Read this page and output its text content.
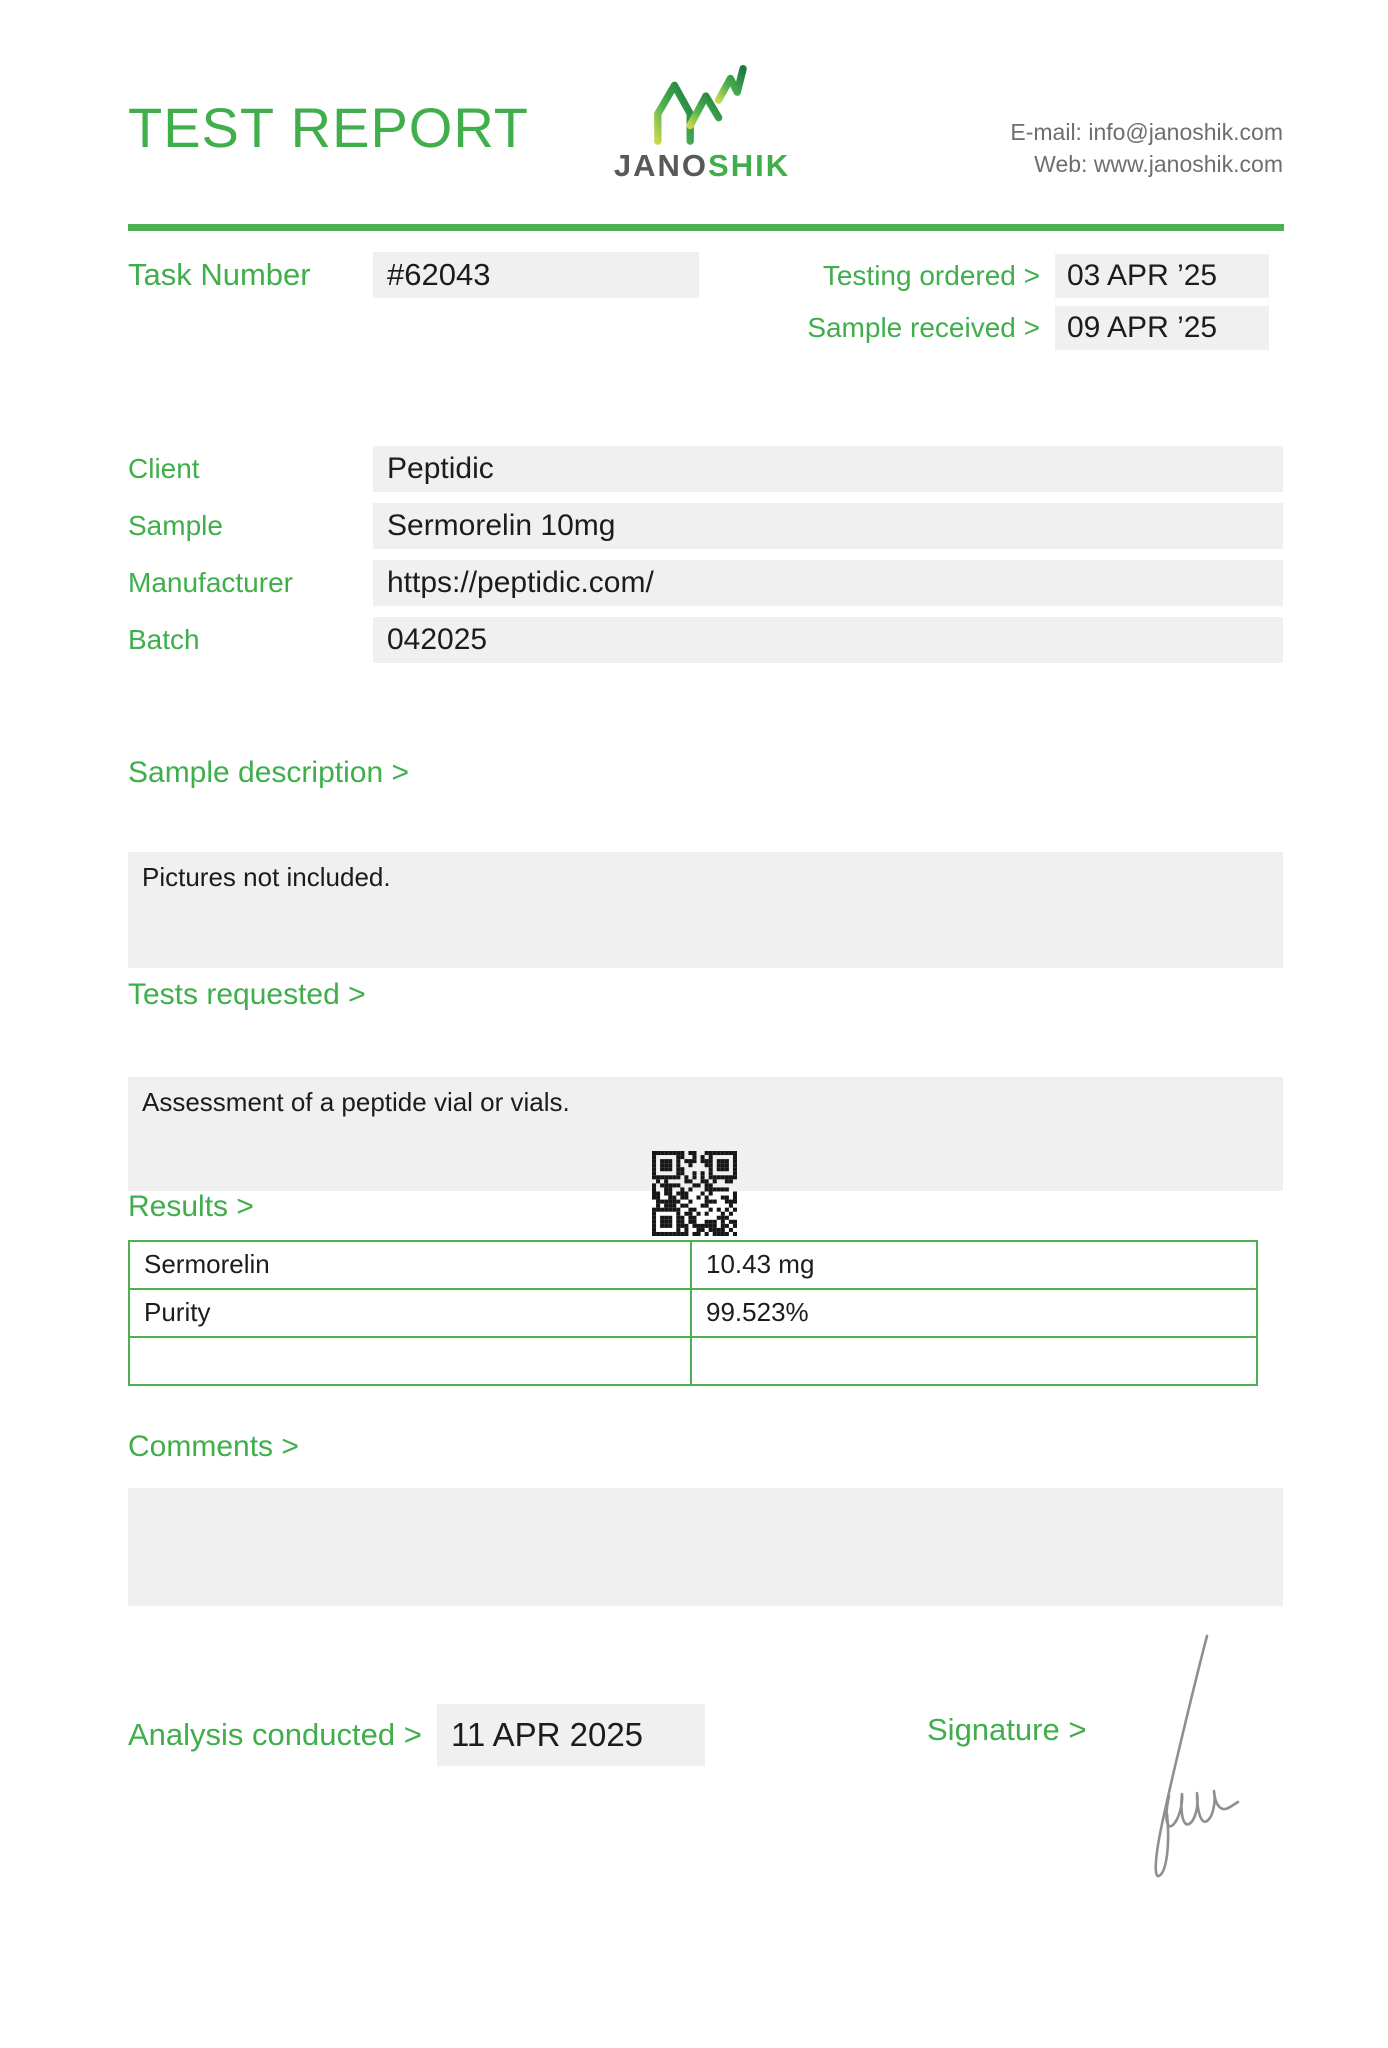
TEST REPORT
JANOSHIK
E-mail: info@janoshik.com
Web: www.janoshik.com
Task Number	#62043	Testing ordered > 03 APR ’25
Sample received > 09 APR ’25
Client	Peptidic
Sample	Sermorelin 10mg
Manufacturer	https://peptidic.com/
Batch	042025
Sample description >
Pictures not included.
Tests requested >
Assessment of a peptide vial or vials.
Results >
Sermorelin	10.43 mg
Purity	99.523%
Comments >
Analysis conducted > 11 APR 2025	Signature >
